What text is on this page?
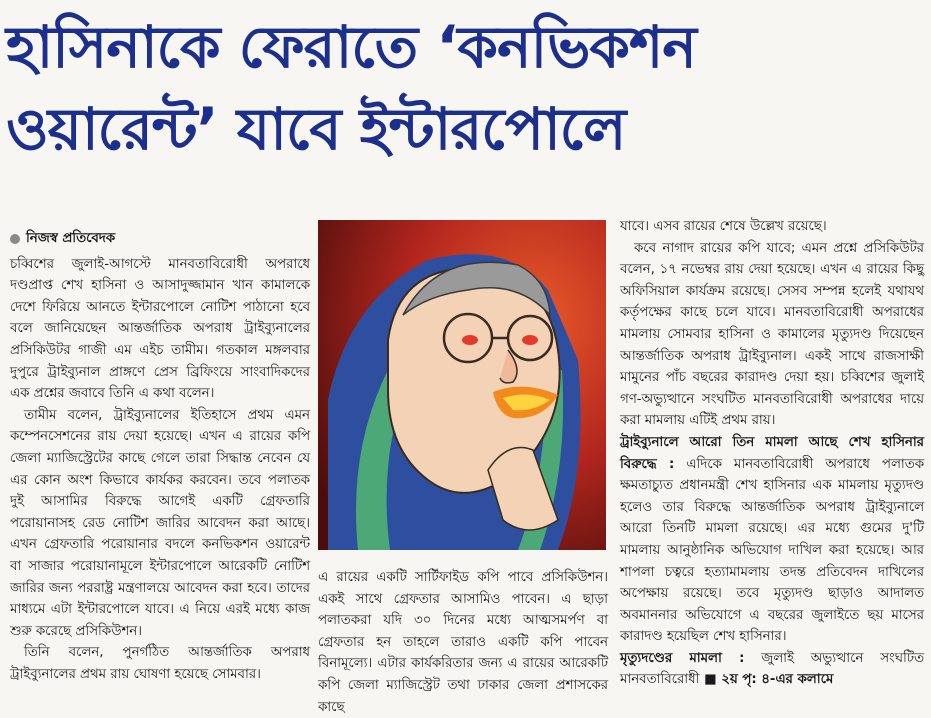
হাসিনাকে ফেরাতে ‘কনভিকশন
ওয়ারেন্ট’ যাবে ইন্টারপোলে
নিজস্ব প্রতিবেদক

চব্বিশের জুলাই-আগস্টে মানবতাবিরোধী অপরাধে দণ্ডপ্রাপ্ত শেখ হাসিনা ও আসাদুজ্জামান খান কামালকে দেশে ফিরিয়ে আনতে ইন্টারপোলে নোটিশ পাঠানো হবে বলে জানিয়েছেন আন্তর্জাতিক অপরাধ ট্রাইব্যুনালের প্রসিকিউটর গাজী এম এইচ তামীম। গতকাল মঙ্গলবার দুপুরে ট্রাইব্যুনাল প্রাঙ্গণে প্রেস ব্রিফিংয়ে সাংবাদিকদের এক প্রশ্নের জবাবে তিনি এ কথা বলেন।

তামীম বলেন, ট্রাইব্যুনালের ইতিহাসে প্রথম এমন কম্পেনসেশনের রায় দেয়া হয়েছে। এখন এ রায়ের কপি জেলা ম্যাজিস্ট্রেটের কাছে গেলে তারা সিদ্ধান্ত নেবেন যে এর কোন অংশ কিভাবে কার্যকর করবেন। তবে পলাতক দুই আসামির বিরুদ্ধে আগেই একটি গ্রেফতারি পরোয়ানাসহ রেড নোটিশ জারির আবেদন করা আছে। এখন গ্রেফতারি পরোয়ানার বদলে কনভিকশন ওয়ারেন্ট বা সাজার পরোয়ানামূলে ইন্টারপোলে আরেকটি নোটিশ জারির জন্য পররাষ্ট্র মন্ত্রণালয়ে আবেদন করা হবে। তাদের মাধ্যমে এটা ইন্টারপোলে যাবে। এ নিয়ে এরই মধ্যে কাজ শুরু করেছে প্রসিকিউশন।

তিনি বলেন, পুনর্গঠিত আন্তর্জাতিক অপরাধ ট্রাইব্যুনালের প্রথম রায় ঘোষণা হয়েছে সোমবার।

এ রায়ের একটি সার্টিফাইড কপি পাবে প্রসিকিউশন। একই সাথে গ্রেফতার আসামিও পাবেন। এ ছাড়া পলাতকরা যদি ৩০ দিনের মধ্যে আত্মসমর্পণ বা গ্রেফতার হন তাহলে তারাও একটি কপি পাবেন বিনামূল্যে। এটার কার্যকরিতার জন্য এ রায়ের আরেকটি কপি জেলা ম্যাজিস্ট্রেট তথা ঢাকার জেলা প্রশাসকের কাছে

যাবে। এসব রায়ের শেষে উল্লেখ রয়েছে।

কবে নাগাদ রায়ের কপি যাবে; এমন প্রশ্নে প্রসিকিউটর বলেন, ১৭ নভেম্বর রায় দেয়া হয়েছে। এখন এ রায়ের কিছু অফিসিয়াল কার্যক্রম রয়েছে। সেসব সম্পন্ন হলেই যথাযথ কর্তৃপক্ষের কাছে চলে যাবে। মানবতাবিরোধী অপরাধের মামলায় সোমবার হাসিনা ও কামালের মৃত্যুদণ্ড দিয়েছেন আন্তর্জাতিক অপরাধ ট্রাইব্যুনাল। একই সাথে রাজসাক্ষী মামুনের পাঁচ বছরের কারাদণ্ড দেয়া হয়। চব্বিশের জুলাই গণ-অভ্যুত্থানে সংঘটিত মানবতাবিরোধী অপরাধের দায়ে করা মামলায় এটিই প্রথম রায়।

ট্রাইব্যুনালে আরো তিন মামলা আছে শেখ হাসিনার বিরুদ্ধে : এদিকে মানবতাবিরোধী অপরাধে পলাতক ক্ষমতাচ্যুত প্রধানমন্ত্রী শেখ হাসিনার এক মামলায় মৃত্যুদণ্ড হলেও তার বিরুদ্ধে আন্তর্জাতিক অপরাধ ট্রাইব্যুনালে আরো তিনটি মামলা রয়েছে। এর মধ্যে গুমের দু'টি মামলায় আনুষ্ঠানিক অভিযোগ দাখিল করা হয়েছে। আর শাপলা চত্বরে হত্যামামলায় তদন্ত প্রতিবেদন দাখিলের অপেক্ষায় রয়েছে। তবে মৃত্যুদণ্ড ছাড়াও আদালত অবমাননার অভিযোগে এ বছরের জুলাইতে ছয় মাসের কারাদণ্ড হয়েছিল শেখ হাসিনার।

মৃত্যুদণ্ডের মামলা : জুলাই অভ্যুত্থানে সংঘটিত মানবতাবিরোধী ■ ২য় পৃ: ৪-এর কলামে
